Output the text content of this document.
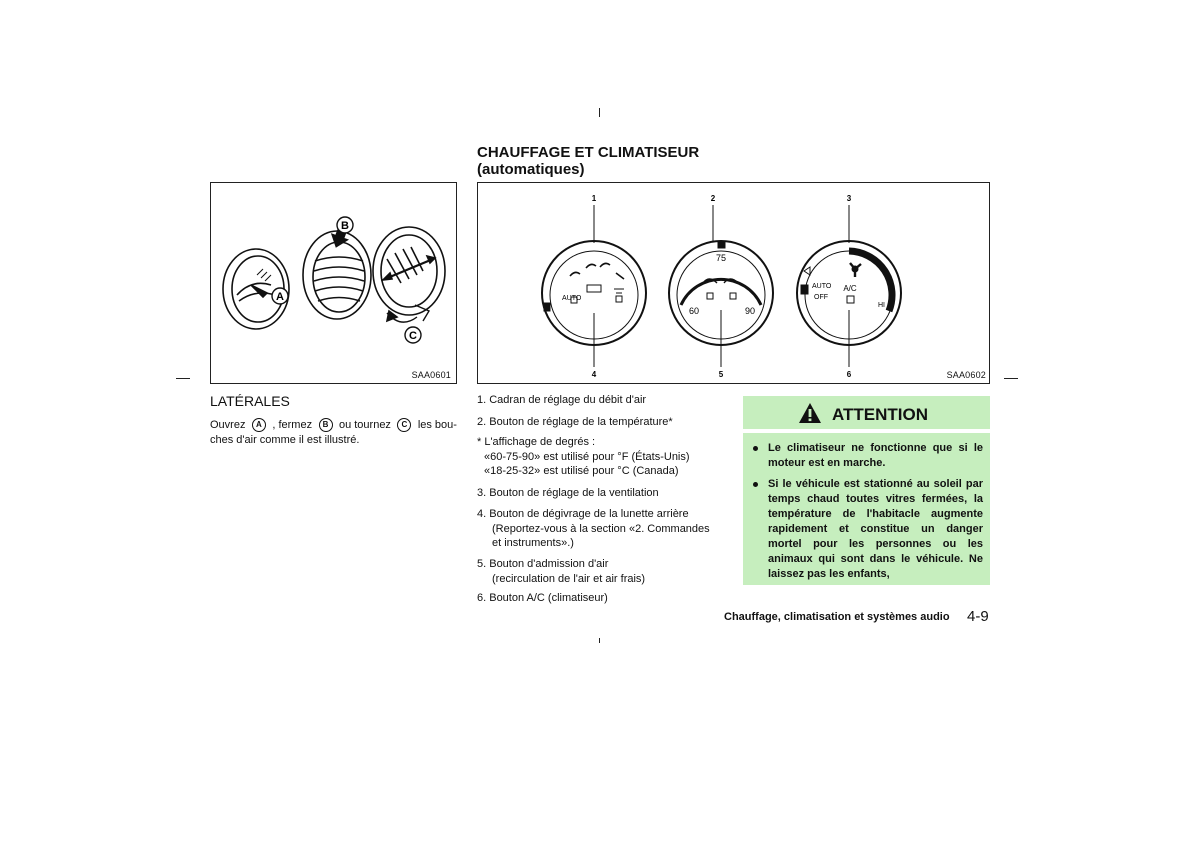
CHAUFFAGE ET CLIMATISEUR
(automatiques)
A
B
C
SAA0601
1	2	3
4	5	6
AUTO
75
60	90
AUTO
OFF
A/C
HI
SAA0602
LATÉRALES
Ouvrez	A , fermez	B ou tournez	C les bou-
ches d'air comme il est illustré.
1. Cadran de réglage du débit d'air
2. Bouton de réglage de la température*
* L'affichage de degrés :
«60-75-90» est utilisé pour °F (États-Unis)
«18-25-32» est utilisé pour °C (Canada)
3. Bouton de réglage de la ventilation
4. Bouton de dégivrage de la lunette arrière
(Reportez-vous à la section «2. Commandes
et instruments».)
5. Bouton d'admission d'air
(recirculation de l'air et air frais)
6. Bouton A/C (climatiseur)
ATTENTION
Le climatiseur ne fonctionne que si le moteur est en marche.
Si le véhicule est stationné au soleil par temps chaud toutes vitres fermées, la température de l'habitacle augmente rapidement et constitue un danger mortel pour les personnes ou les animaux qui sont dans le véhicule. Ne laissez pas les enfants,
Chauffage, climatisation et systèmes audio 4-9
